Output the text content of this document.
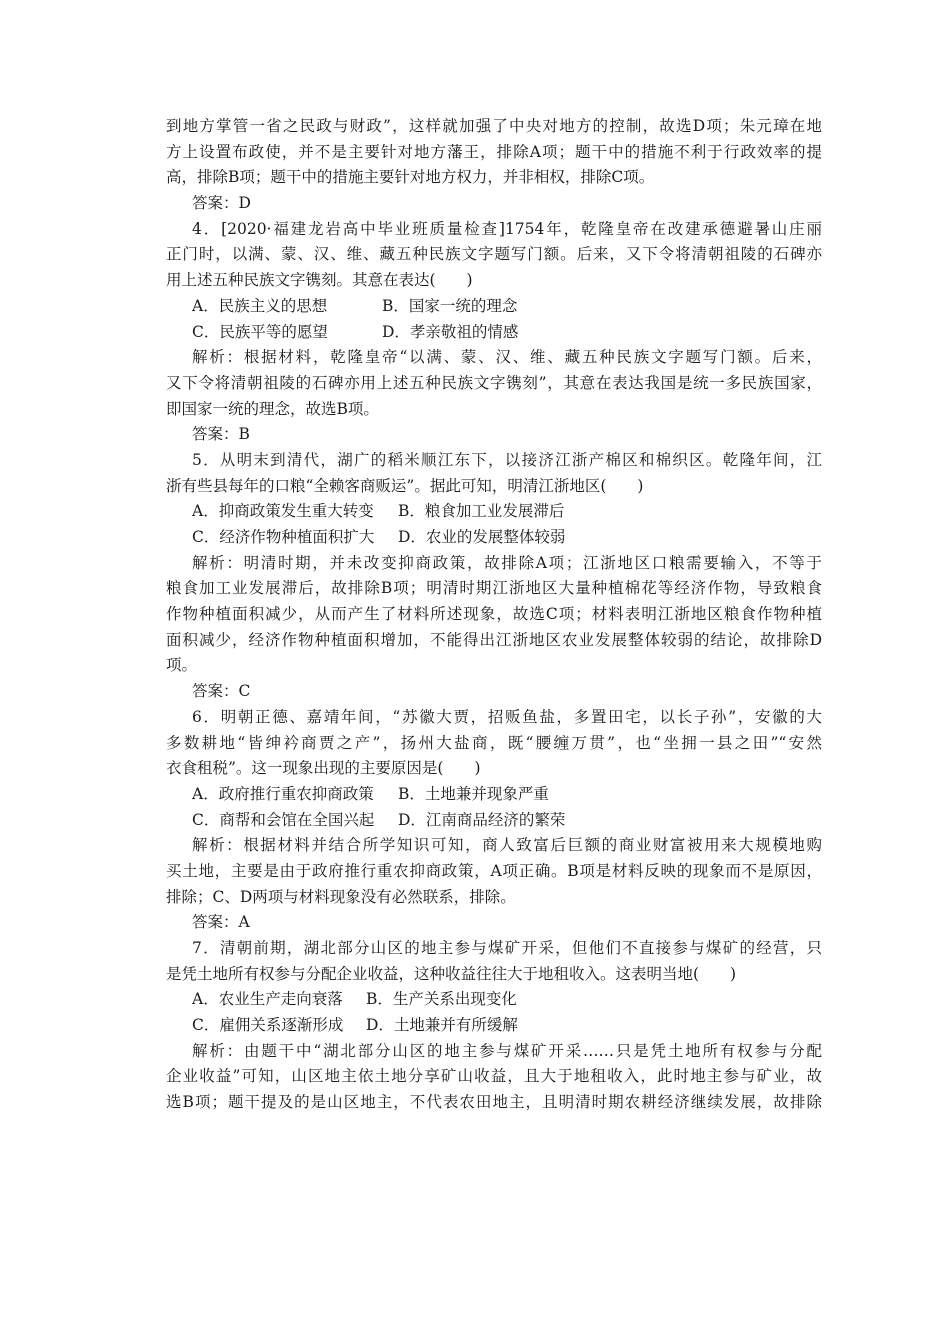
到地方掌管一省之民政与财政”，这样就加强了中央对地方的控制，故选D项；朱元璋在地
方上设置布政使，并不是主要针对地方藩王，排除A项；题干中的措施不利于行政效率的提
高，排除B项；题干中的措施主要针对地方权力，并非相权，排除C项。
答案：D
4．[2020·福建龙岩高中毕业班质量检查]1754年，乾隆皇帝在改建承德避暑山庄丽
正门时，以满、蒙、汉、维、藏五种民族文字题写门额。后来，又下令将清朝祖陵的石碑亦
用上述五种民族文字镌刻。其意在表达(　　)
A．民族主义的思想	B．国家一统的理念
C．民族平等的愿望	D．孝亲敬祖的情感
解析：根据材料，乾隆皇帝“以满、蒙、汉、维、藏五种民族文字题写门额。后来，
又下令将清朝祖陵的石碑亦用上述五种民族文字镌刻”，其意在表达我国是统一多民族国家，
即国家一统的理念，故选B项。
答案：B
5．从明末到清代，湖广的稻米顺江东下，以接济江浙产棉区和棉织区。乾隆年间，江
浙有些县每年的口粮“全赖客商贩运”。据此可知，明清江浙地区(　　)
A．抑商政策发生重大转变 B．粮食加工业发展滞后
C．经济作物种植面积扩大 D．农业的发展整体较弱
解析：明清时期，并未改变抑商政策，故排除A项；江浙地区口粮需要输入，不等于
粮食加工业发展滞后，故排除B项；明清时期江浙地区大量种植棉花等经济作物，导致粮食
作物种植面积减少，从而产生了材料所述现象，故选C项；材料表明江浙地区粮食作物种植
面积减少，经济作物种植面积增加，不能得出江浙地区农业发展整体较弱的结论，故排除D
项。
答案：C
6．明朝正德、嘉靖年间，“苏徽大贾，招贩鱼盐，多置田宅，以长子孙”，安徽的大
多数耕地“皆绅衿商贾之产”，扬州大盐商，既“腰缠万贯”，也“坐拥一县之田”“安然
衣食租税”。这一现象出现的主要原因是(　　)
A．政府推行重农抑商政策 B．土地兼并现象严重
C．商帮和会馆在全国兴起 D．江南商品经济的繁荣
解析：根据材料并结合所学知识可知，商人致富后巨额的商业财富被用来大规模地购
买土地，主要是由于政府推行重农抑商政策，A项正确。B项是材料反映的现象而不是原因，
排除；C、D两项与材料现象没有必然联系，排除。
答案：A
7．清朝前期，湖北部分山区的地主参与煤矿开采，但他们不直接参与煤矿的经营，只
是凭土地所有权参与分配企业收益，这种收益往往大于地租收入。这表明当地(　　)
A．农业生产走向衰落 B．生产关系出现变化
C．雇佣关系逐渐形成 D．土地兼并有所缓解
解析：由题干中“湖北部分山区的地主参与煤矿开采……只是凭土地所有权参与分配
企业收益”可知，山区地主依土地分享矿山收益，且大于地租收入，此时地主参与矿业，故
选B项；题干提及的是山区地主，不代表农田地主，且明清时期农耕经济继续发展，故排除
